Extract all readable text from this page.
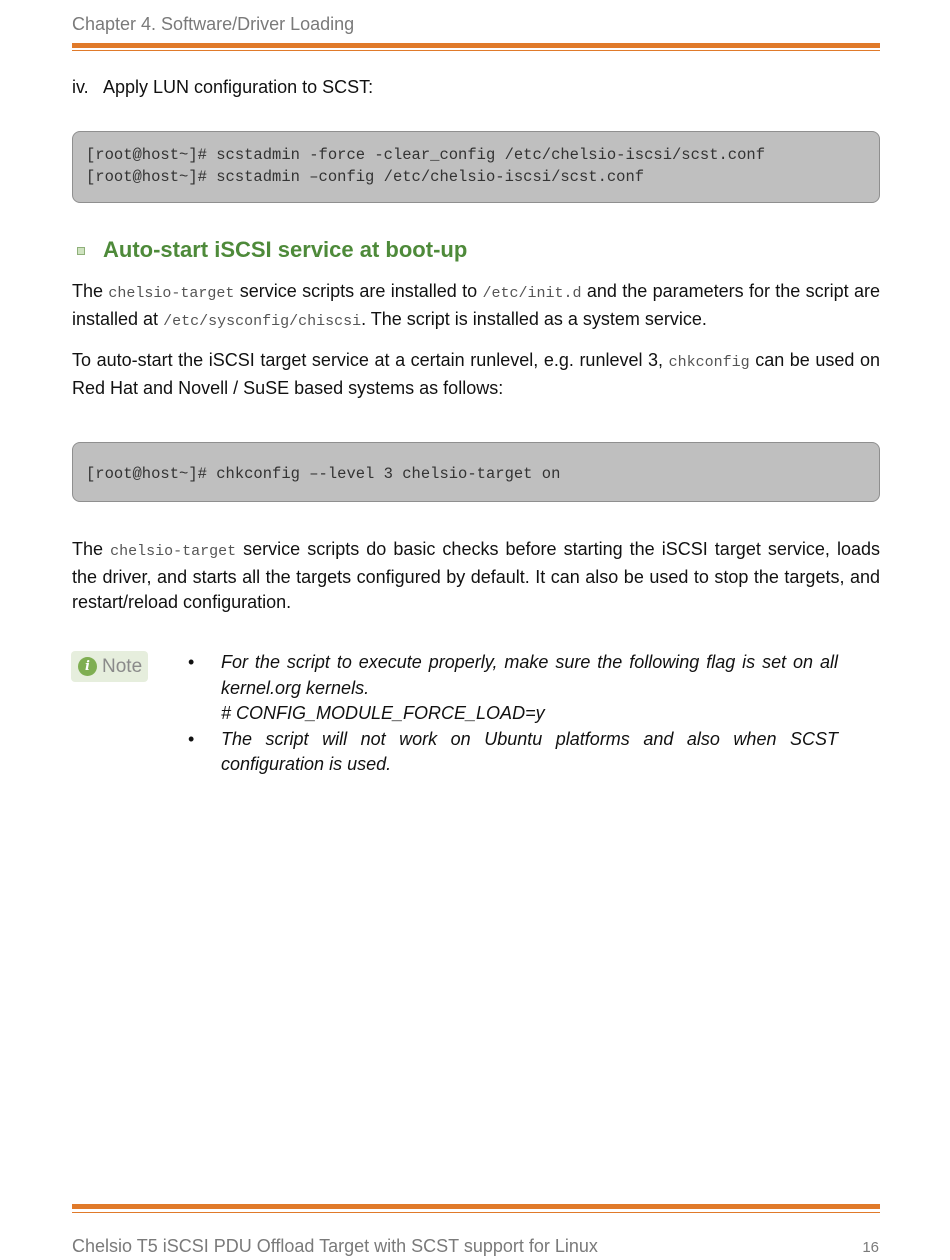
Chapter 4. Software/Driver Loading
iv. Apply LUN configuration to SCST:
[root@host~]# scstadmin -force -clear_config /etc/chelsio-iscsi/scst.conf
[root@host~]# scstadmin –config /etc/chelsio-iscsi/scst.conf
Auto-start iSCSI service at boot-up

The chelsio-target service scripts are installed to /etc/init.d and the parameters for the script are installed at /etc/sysconfig/chiscsi. The script is installed as a system service.

To auto-start the iSCSI target service at a certain runlevel, e.g. runlevel 3, chkconfig can be used on Red Hat and Novell / SuSE based systems as follows:

[root@host~]# chkconfig –-level 3 chelsio-target on

The chelsio-target service scripts do basic checks before starting the iSCSI target service, loads the driver, and starts all the targets configured by default. It can also be used to stop the targets, and restart/reload configuration.

i Note	• For the script to execute properly, make sure the following flag is set on all kernel.org kernels.
# CONFIG_MODULE_FORCE_LOAD=y
• The script will not work on Ubuntu platforms and also when SCST configuration is used.
Chelsio T5 iSCSI PDU Offload Target with SCST support for Linux	16
